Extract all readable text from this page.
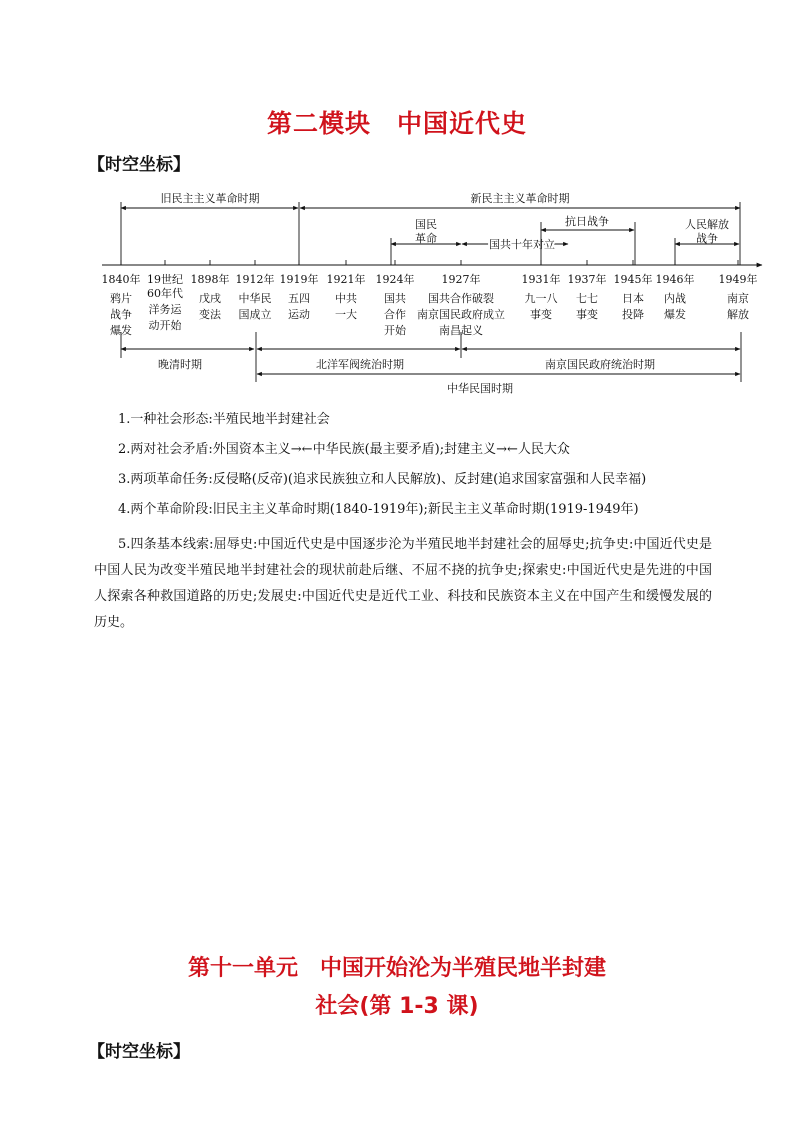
第二模块　中国近代史
【时空坐标】
旧民主主义革命时期	新民主主义革命时期
国民
革命	国共十年对立
抗日战争	人民解放
战争
1840年 19世纪 1898年 1912年 1919年 1921年 1924年 1927年	1931年 1937年 1945年 1946年 1949年
鸦片
战争
爆发
60年代
洋务运
动开始
戊戌
变法
中华民
国成立
五四
运动
中共
一大
国共
合作
开始
国共合作破裂
南京国民政府成立
南昌起义
九一八
事变
七七
事变
日本
投降
内战
爆发
南京
解放
晚清时期	北洋军阀统治时期	南京国民政府统治时期
中华民国时期

1.一种社会形态:半殖民地半封建社会

2.两对社会矛盾:外国资本主义→←中华民族(最主要矛盾);封建主义→←人民大众

3.两项革命任务:反侵略(反帝)(追求民族独立和人民解放)、反封建(追求国家富强和人民幸福)

4.两个革命阶段:旧民主主义革命时期(1840-1919年);新民主主义革命时期(1919-1949年)

5.四条基本线索:屈辱史:中国近代史是中国逐步沦为半殖民地半封建社会的屈辱史;抗争史:中国近代史是中国人民为改变半殖民地半封建社会的现状前赴后继、不屈不挠的抗争史;探索史:中国近代史是先进的中国人探索各种救国道路的历史;发展史:中国近代史是近代工业、科技和民族资本主义在中国产生和缓慢发展的历史。

第十一单元　中国开始沦为半殖民地半封建
社会(第 1-3 课)
【时空坐标】
